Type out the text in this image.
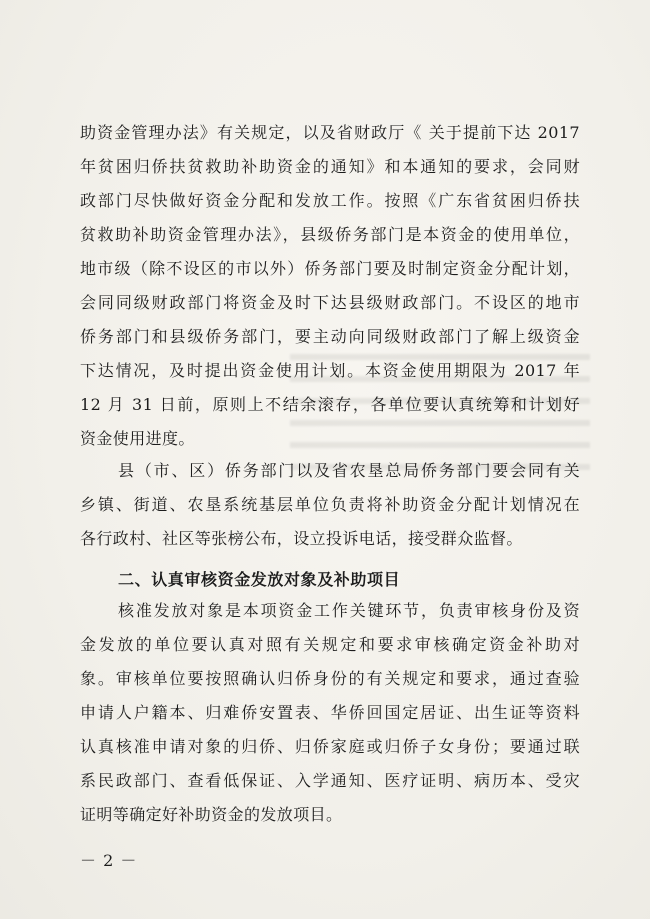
助资金管理办法》有关规定，以及省财政厅《 关于提前下达 2017
年贫困归侨扶贫救助补助资金的通知》和本通知的要求，会同财
政部门尽快做好资金分配和发放工作。按照《广东省贫困归侨扶
贫救助补助资金管理办法》，县级侨务部门是本资金的使用单位，
地市级（除不设区的市以外）侨务部门要及时制定资金分配计划，
会同同级财政部门将资金及时下达县级财政部门。不设区的地市
侨务部门和县级侨务部门，要主动向同级财政部门了解上级资金
下达情况，及时提出资金使用计划。本资金使用期限为 2017 年
12 月 31 日前，原则上不结余滚存，各单位要认真统筹和计划好
资金使用进度。
县（市、区）侨务部门以及省农垦总局侨务部门要会同有关
乡镇、街道、农垦系统基层单位负责将补助资金分配计划情况在
各行政村、社区等张榜公布，设立投诉电话，接受群众监督。
二、认真审核资金发放对象及补助项目
核准发放对象是本项资金工作关键环节，负责审核身份及资
金发放的单位要认真对照有关规定和要求审核确定资金补助对
象。审核单位要按照确认归侨身份的有关规定和要求，通过查验
申请人户籍本、归难侨安置表、华侨回国定居证、出生证等资料
认真核准申请对象的归侨、归侨家庭或归侨子女身份；要通过联
系民政部门、查看低保证、入学通知、医疗证明、病历本、受灾
证明等确定好补助资金的发放项目。
－ 2 －
